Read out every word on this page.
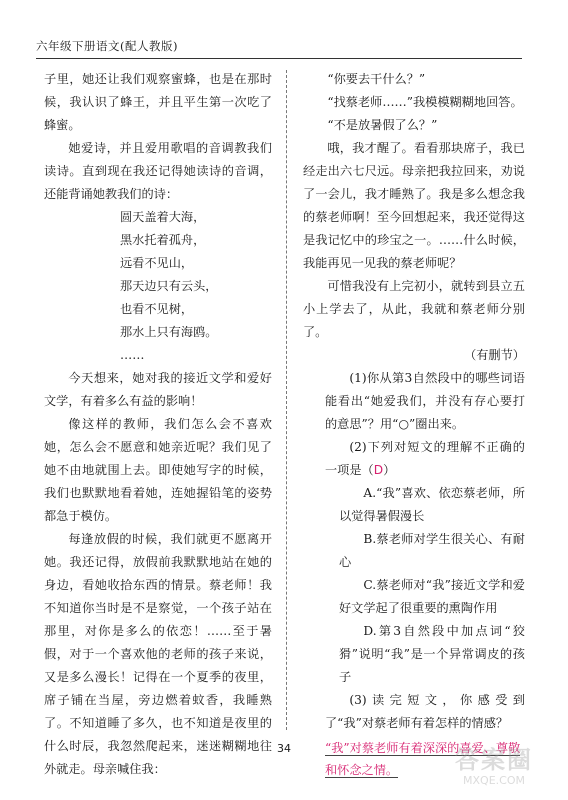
六年级下册语文(配人教版)

子里，她还让我们观察蜜蜂，也是在那时候，我认识了蜂王，并且平生第一次吃了蜂蜜。

她爱诗，并且爱用歌唱的音调教我们读诗。直到现在我还记得她读诗的音调，还能背诵她教我们的诗：

圆天盖着大海，
黑水托着孤舟，
远看不见山，
那天边只有云头，
也看不见树，
那水上只有海鸥。
……

今天想来，她对我的接近文学和爱好文学，有着多么有益的影响！

像这样的教师，我们怎么会不喜欢她，怎么会不愿意和她亲近呢？我们见了她不由地就围上去。即使她写字的时候，我们也默默地看着她，连她握铅笔的姿势都急于模仿。

每逢放假的时候，我们就更不愿离开她。我还记得，放假前我默默地站在她的身边，看她收拾东西的情景。蔡老师！我不知道你当时是不是察觉，一个孩子站在那里，对你是多么的依恋！……至于暑假，对于一个喜欢他的老师的孩子来说，又是多么漫长！记得在一个夏季的夜里，席子铺在当屋，旁边燃着蚊香，我睡熟了。不知道睡了多久，也不知道是夜里的什么时辰，我忽然爬起来，迷迷糊糊地往外就走。母亲喊住我：

“你要去干什么？”

“找蔡老师……”我模模糊糊地回答。

“不是放暑假了么？”

哦，我才醒了。看看那块席子，我已经走出六七尺远。母亲把我拉回来，劝说了一会儿，我才睡熟了。我是多么想念我的蔡老师啊！至今回想起来，我还觉得这是我记忆中的珍宝之一。……什么时候，我能再见一见我的蔡老师呢？

可惜我没有上完初小，就转到县立五小上学去了，从此，我就和蔡老师分别了。

（有删节）

(1)你从第3自然段中的哪些词语能看出“她爱我们，并没有存心要打的意思”？用“○”圈出来。

(2)下列对短文的理解不正确的一项是（D）

A.“我”喜欢、依恋蔡老师，所以觉得暑假漫长

B.蔡老师对学生很关心、有耐心

C.蔡老师对“我”接近文学和爱好文学起了很重要的熏陶作用

D.第3自然段中加点词“狡猾”说明“我”是一个异常调皮的孩子

(3)读完短文，你感受到了“我”对蔡老师有着怎样的情感？

“我”对蔡老师有着深深的喜爱、尊敬和怀念之情。
34	答案圈
MXQE.COM
